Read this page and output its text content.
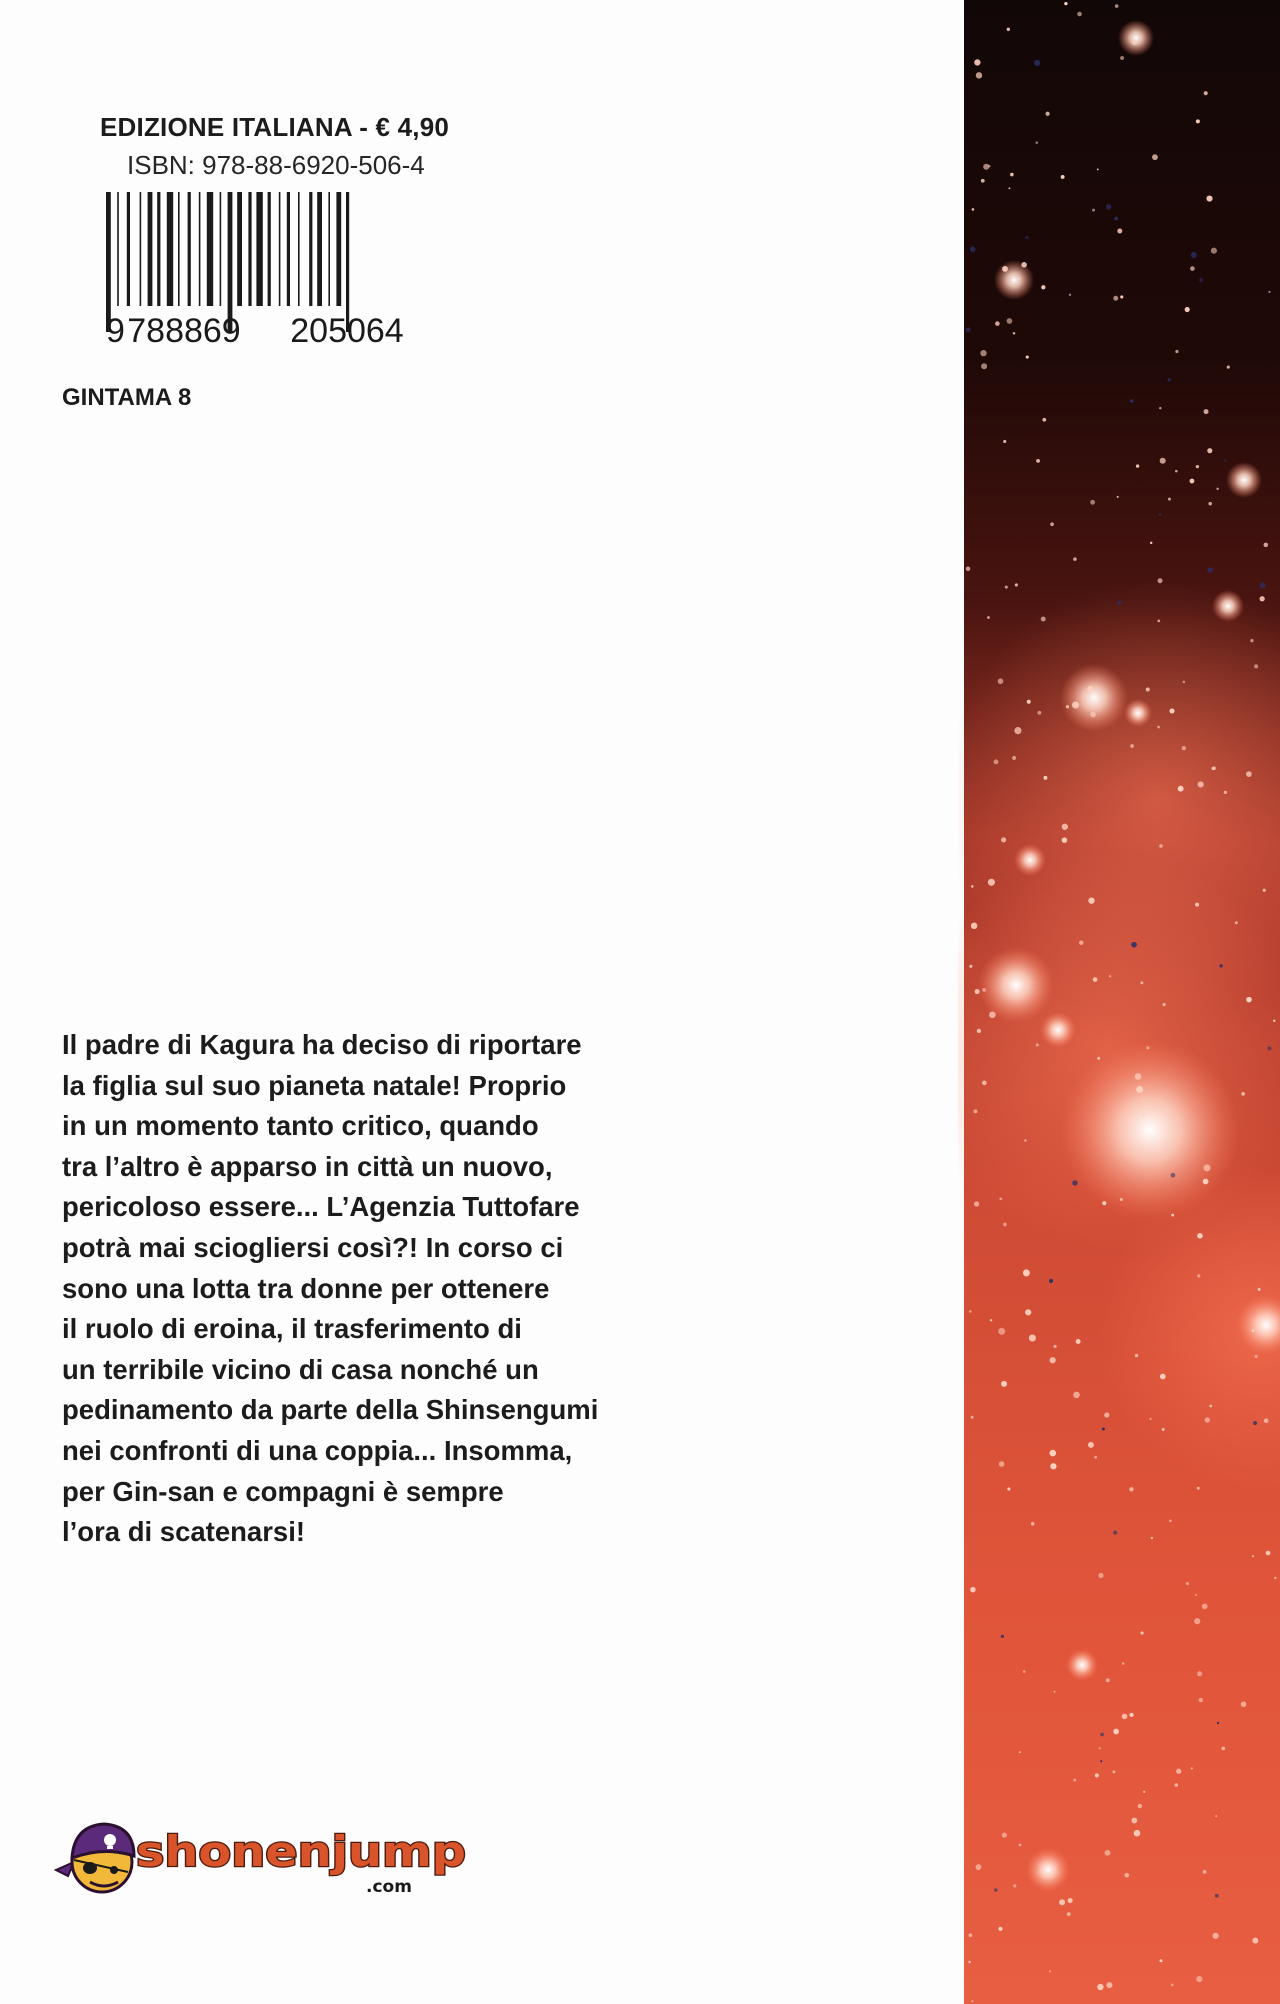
EDIZIONE ITALIANA - € 4,90
ISBN: 978-88-6920-506-4
9 788869 205064
GINTAMA 8
Il padre di Kagura ha deciso di riportare
la figlia sul suo pianeta natale! Proprio
in un momento tanto critico, quando
tra l’altro è apparso in città un nuovo,
pericoloso essere... L’Agenzia Tuttofare
potrà mai sciogliersi così?! In corso ci
sono una lotta tra donne per ottenere
il ruolo di eroina, il trasferimento di
un terribile vicino di casa nonché un
pedinamento da parte della Shinsengumi
nei confronti di una coppia... Insomma,
per Gin-san e compagni è sempre
l’ora di scatenarsi!
shonenjump
.com
